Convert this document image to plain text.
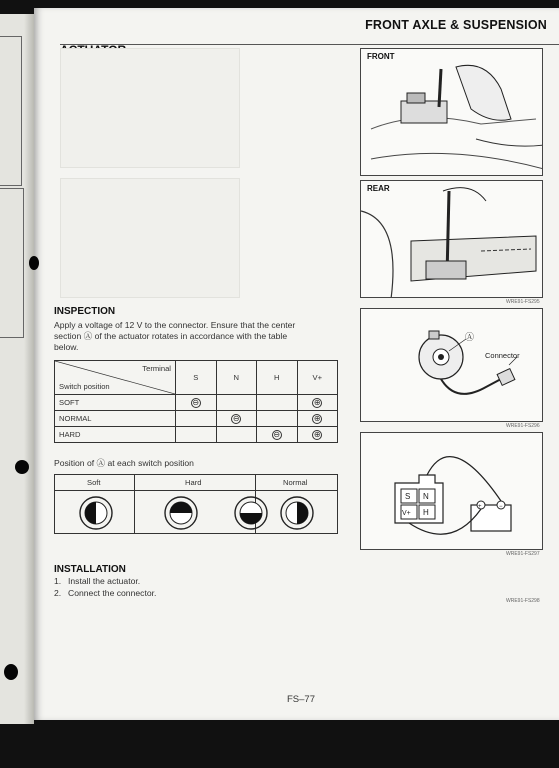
FRONT AXLE & SUSPENSION
INSPECTION
Apply a voltage of 12 V to the connector. Ensure that the center
section Ⓐ of the actuator rotates in accordance with the table
below.
Terminal
Switch position	S	N	H	V+
SOFT	⊖			⊕
NORMAL		⊖		⊕
HARD			⊖	⊕
Position of Ⓐ at each switch position
Soft	Hard	Normal
INSTALLATION
1. Install the actuator.
2. Connect the connector.
FRONT
REAR
WRE91-FS295
Ⓐ
Connector
WRE91-FS296
S N
V+ H
+	−
WRE91-FS297
WRE91-FS298
FS–77
